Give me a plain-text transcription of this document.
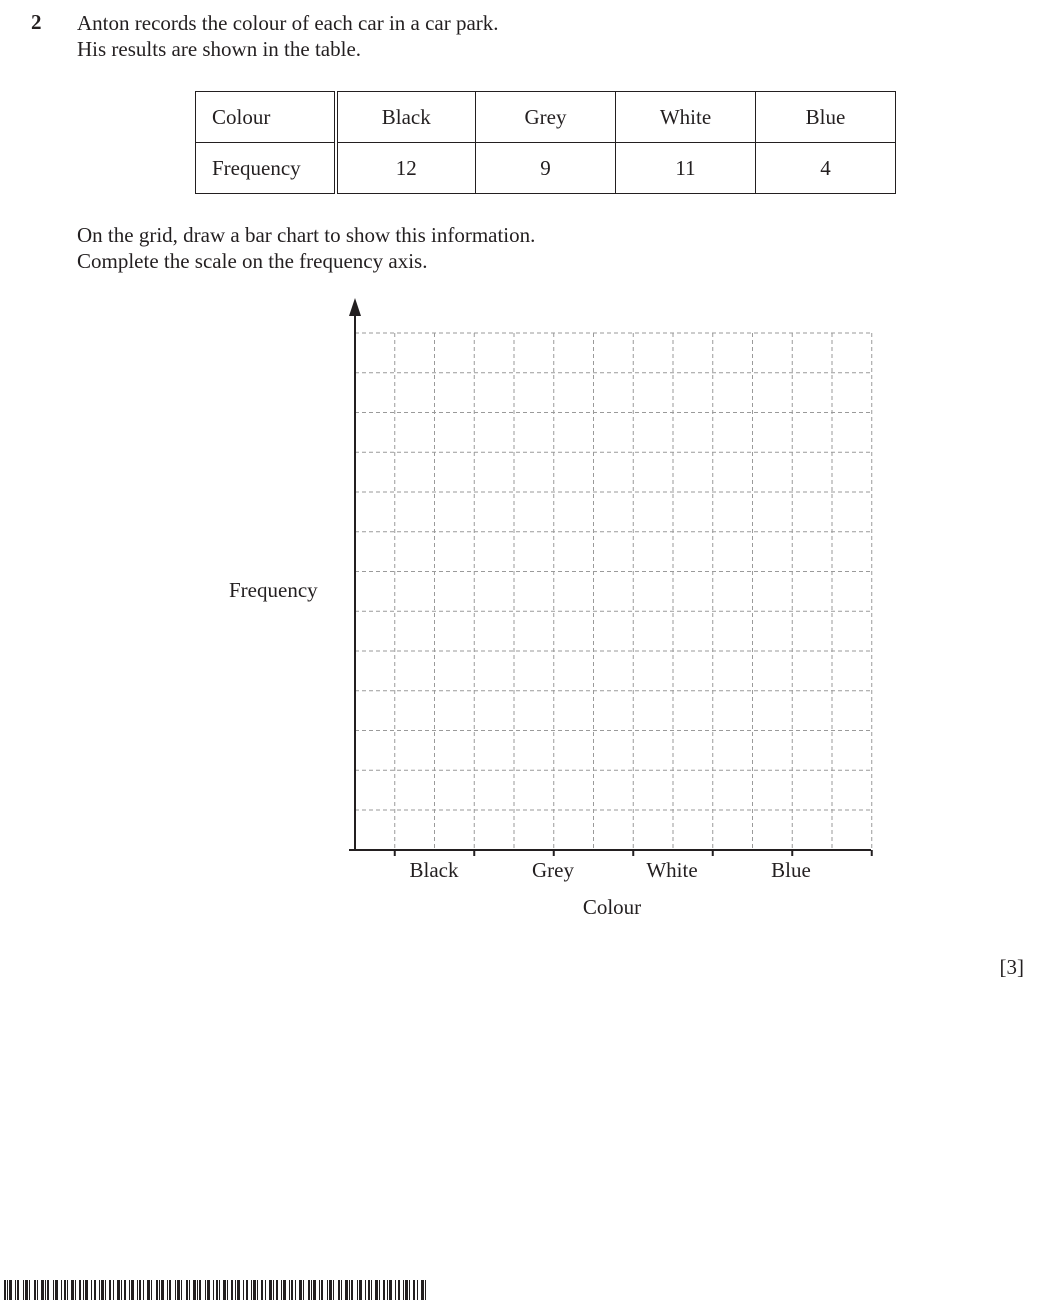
2 Anton records the colour of each car in a car park.
His results are shown in the table.
Colour	Black	Grey	White	Blue
Frequency	12	9	11	4
On the grid, draw a bar chart to show this information.
Complete the scale on the frequency axis.
Frequency
Black	Grey	White	Blue
Colour
[3]
